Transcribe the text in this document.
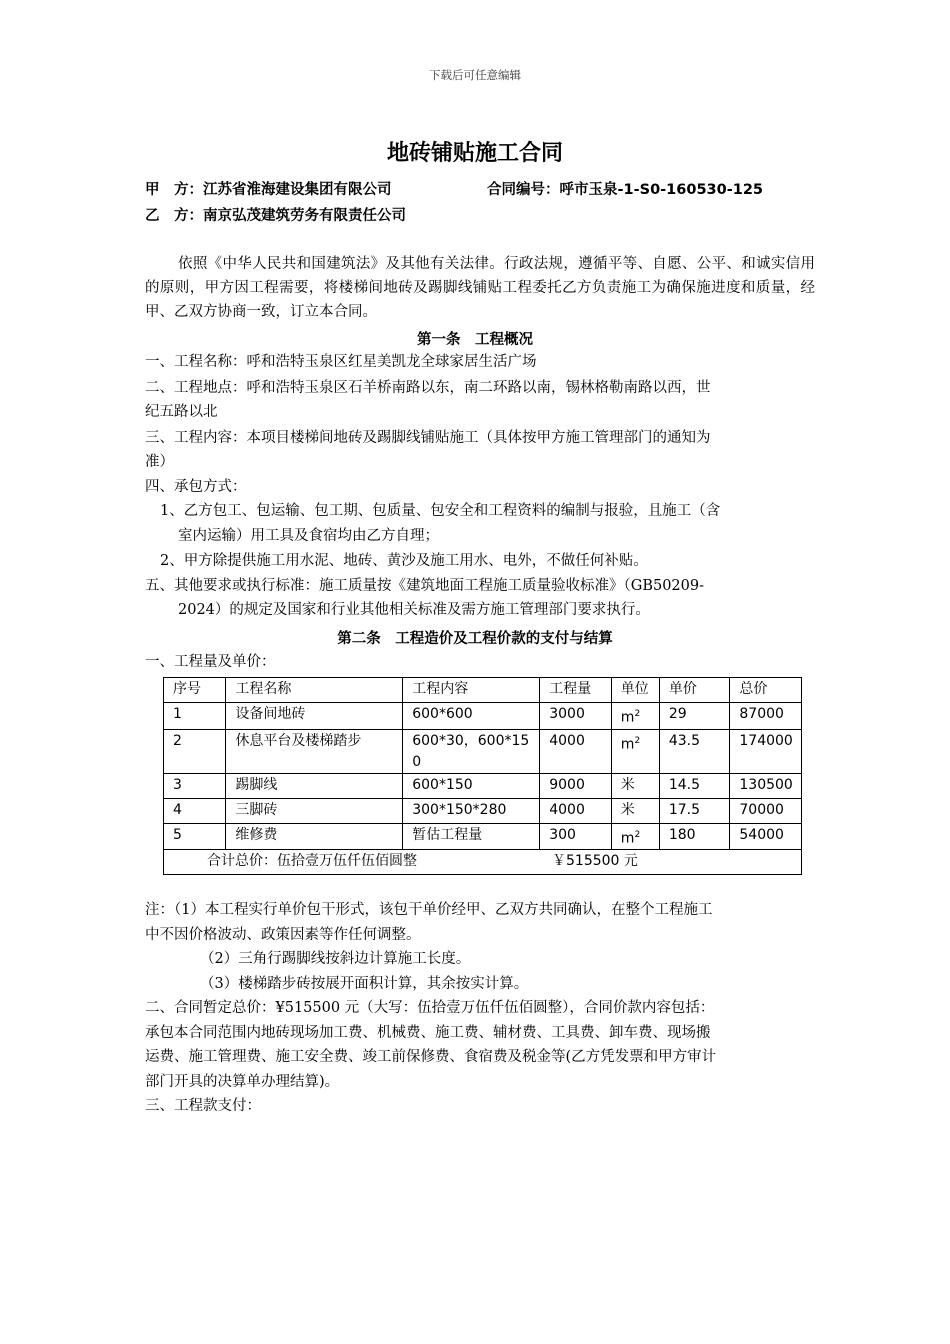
下载后可任意编辑
地砖铺贴施工合同
甲　方：江苏省淮海建设集团有限公司	合同编号：呼市玉泉-1-S0-160530-125
乙　方：南京弘茂建筑劳务有限责任公司
依照《中华人民共和国建筑法》及其他有关法律。行政法规，遵循平等、自愿、公平、和诚实信用的原则，甲方因工程需要，将楼梯间地砖及踢脚线铺贴工程委托乙方负责施工为确保施进度和质量，经甲、乙双方协商一致，订立本合同。
第一条　工程概况
一、工程名称：呼和浩特玉泉区红星美凯龙全球家居生活广场
二、工程地点：呼和浩特玉泉区石羊桥南路以东，南二环路以南，锡林格勒南路以西，世
纪五路以北
三、工程内容：本项目楼梯间地砖及踢脚线铺贴施工（具体按甲方施工管理部门的通知为
准）
四、承包方式：
1、乙方包工、包运输、包工期、包质量、包安全和工程资料的编制与报验，且施工（含
室内运输）用工具及食宿均由乙方自理；
2、甲方除提供施工用水泥、地砖、黄沙及施工用水、电外，不做任何补贴。
五、其他要求或执行标准：施工质量按《建筑地面工程施工质量验收标准》（GB50209-
2024）的规定及国家和行业其他相关标准及需方施工管理部门要求执行。
第二条　工程造价及工程价款的支付与结算
一、工程量及单价：
序号	工程名称	工程内容	工程量	单位	单价	总价
1	设备间地砖	600*600	3000	$m^2$	29	87000
2	休息平台及楼梯踏步	600*30，600*150	4000	$m^2$	43.5	174000
3	踢脚线	600*150	9000	米	14.5	130500
4	三脚砖	300*150*280	4000	米	17.5	70000
5	维修费	暂估工程量	300	$m^2$	180	54000
合计总价：伍拾壹万伍仟伍佰圆整 ￥515500 元						
注：（1）本工程实行单价包干形式，该包干单价经甲、乙双方共同确认，在整个工程施工
中不因价格波动、政策因素等作任何调整。
（2）三角行踢脚线按斜边计算施工长度。
（3）楼梯踏步砖按展开面积计算，其余按实计算。
二、合同暂定总价：¥515500 元（大写：伍拾壹万伍仟伍佰圆整），合同价款内容包括：
承包本合同范围内地砖现场加工费、机械费、施工费、辅材费、工具费、卸车费、现场搬
运费、施工管理费、施工安全费、竣工前保修费、食宿费及税金等(乙方凭发票和甲方审计
部门开具的决算单办理结算)。
三、工程款支付：
